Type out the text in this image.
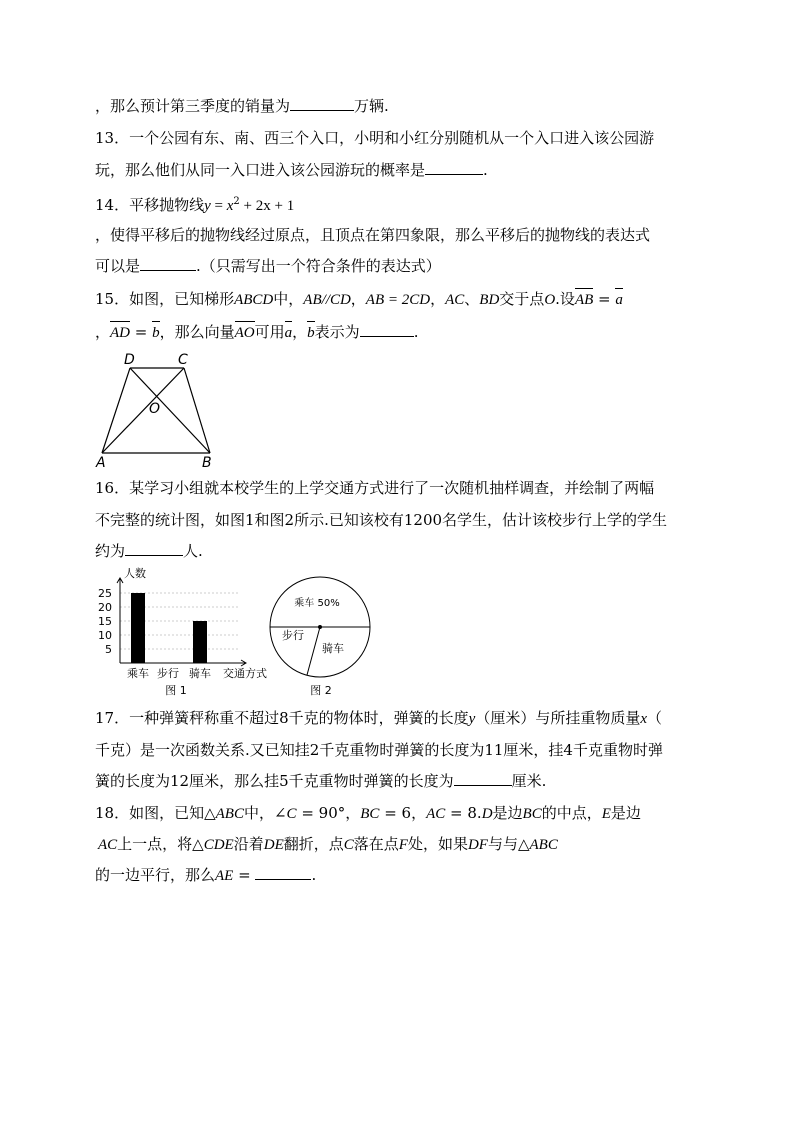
，那么预计第三季度的销量为	万辆.
13．一个公园有东、南、西三个入口，小明和小红分别随机从一个入口进入该公园游
玩，那么他们从同一入口进入该公园游玩的概率是	.
14．平移抛物线$y = x^2 + 2x + 1$
，使得平移后的抛物线经过原点，且顶点在第四象限，那么平移后的抛物线的表达式
可以是	.（只需写出一个符合条件的表达式）
15．如图，已知梯形ABCD中，AB//CD，AB = 2CD，AC、BD交于点O.设AB = a
，AD = b，那么向量AO可用a，b表示为	.
D	C
O
A	B
16．某学习小组就本校学生的上学交通方式进行了一次随机抽样调查，并绘制了两幅
不完整的统计图，如图1和图2所示.已知该校有1200名学生，估计该校步行上学的学生
约为	人.
5
10
15
20
25
人数
交通方式
乘车 步行 骑车
图 1
乘车 50%
步行
骑车
图 2
17．一种弹簧秤称重不超过8千克的物体时，弹簧的长度y（厘米）与所挂重物质量x（
千克）是一次函数关系.又已知挂2千克重物时弹簧的长度为11厘米，挂4千克重物时弹
簧的长度为12厘米，那么挂5千克重物时弹簧的长度为	厘米.
18．如图，已知△ABC中，∠C = 90°，BC = 6，AC = 8.D是边BC的中点，E是边
AC上一点，将△CDE沿着DE翻折，点C落在点F处，如果DF与与△ABC
的一边平行，那么AE =	.
